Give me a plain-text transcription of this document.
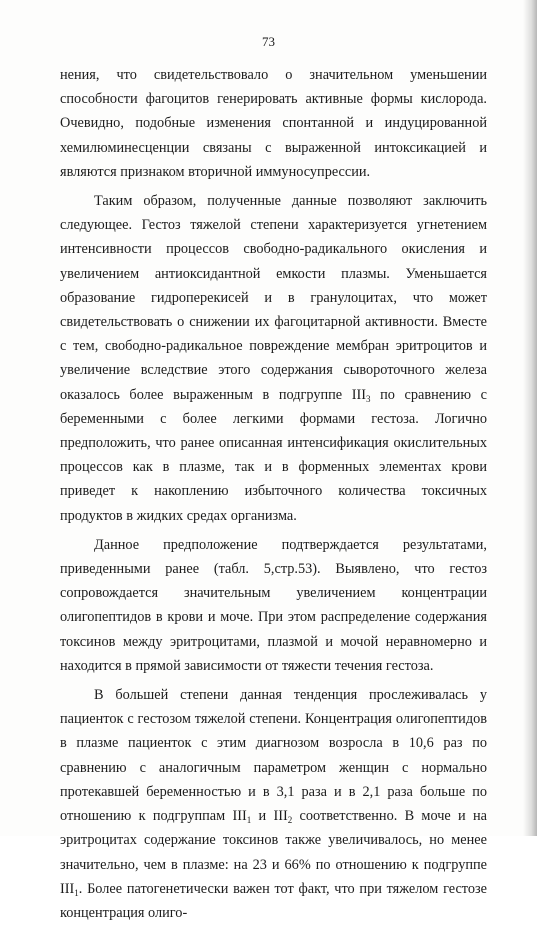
73

нения, что свидетельствовало о значительном уменьшении способности фагоцитов генерировать активные формы кислорода. Очевидно, подобные изменения спонтанной и индуцированной хемилюминесценции связаны с выраженной интоксикацией и являются признаком вторичной иммуносупрессии.

Таким образом, полученные данные позволяют заключить следующее. Гестоз тяжелой степени характеризуется угнетением интенсивности процессов свободно-радикального окисления и увеличением антиоксидантной емкости плазмы. Уменьшается образование гидроперекисей и в гранулоцитах, что может свидетельствовать о снижении их фагоцитарной активности. Вместе с тем, свободно-радикальное повреждение мембран эритроцитов и увеличение вследствие этого содержания сывороточного железа оказалось более выраженным в подгруппе $III_3$ по сравнению с беременными с более легкими формами гестоза. Логично предположить, что ранее описанная интенсификация окислительных процессов как в плазме, так и в форменных элементах крови приведет к накоплению избыточного количества токсичных продуктов в жидких средах организма.

Данное предположение подтверждается результатами, приведенными ранее (табл. 5,стр.53). Выявлено, что гестоз сопровождается значительным увеличением концентрации олигопептидов в крови и моче. При этом распределение содержания токсинов между эритроцитами, плазмой и мочой неравномерно и находится в прямой зависимости от тяжести течения гестоза.

В большей степени данная тенденция прослеживалась у пациенток с гестозом тяжелой степени. Концентрация олигопептидов в плазме пациенток с этим диагнозом возросла в 10,6 раз по сравнению с аналогичным параметром женщин с нормально протекавшей беременностью и в 3,1 раза и в 2,1 раза больше по отношению к подгруппам $III_1$ и $III_2$ соответственно. В моче и на эритроцитах содержание токсинов также увеличивалось, но менее значительно, чем в плазме: на 23 и 66% по отношению к подгруппе $III_1$. Более патогенетически важен тот факт, что при тяжелом гестозе концентрация олиго-
